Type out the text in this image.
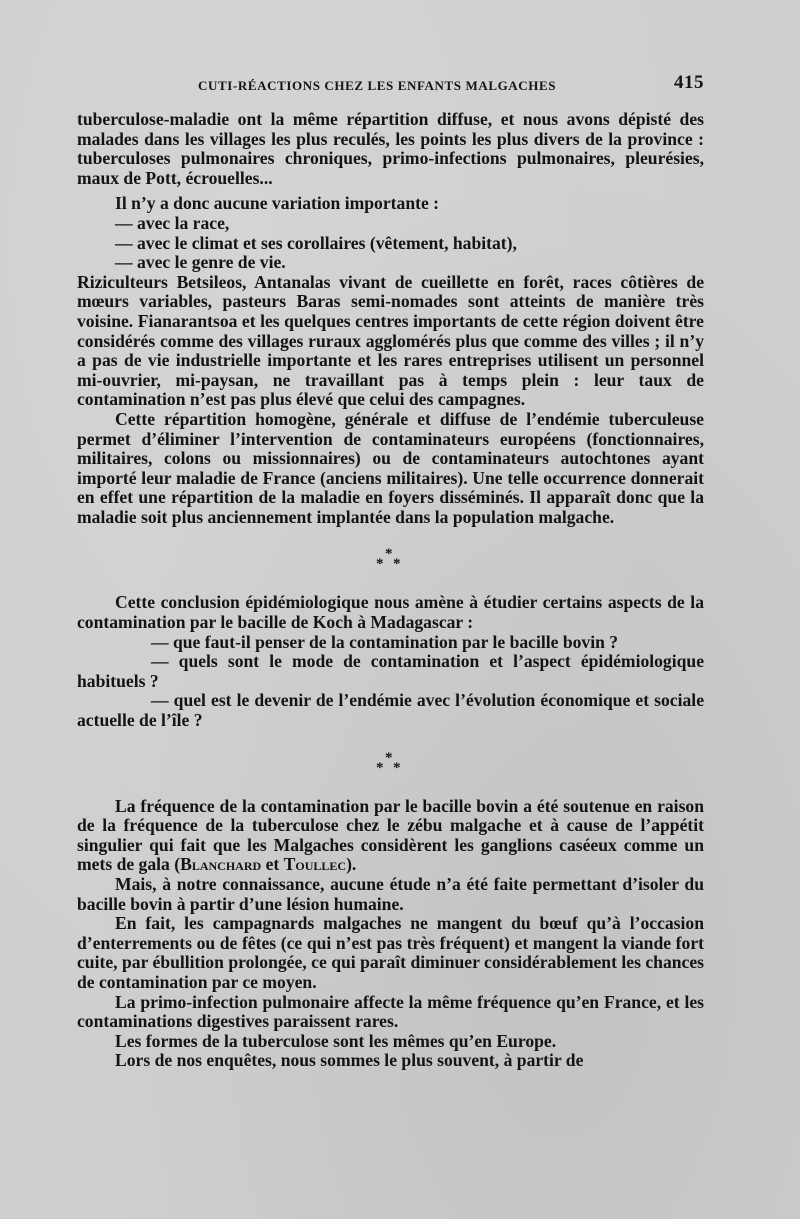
CUTI-RÉACTIONS CHEZ LES ENFANTS MALGACHES	415

tuberculose-maladie ont la même répartition diffuse, et nous avons dépisté des malades dans les villages les plus reculés, les points les plus divers de la province : tuberculoses pulmonaires chroniques, primo-infections pulmonaires, pleurésies, maux de Pott, écrouelles...

Il n’y a donc aucune variation importante :

— avec la race,

— avec le climat et ses corollaires (vêtement, habitat),

— avec le genre de vie.

Riziculteurs Betsileos, Antanalas vivant de cueillette en forêt, races côtières de mœurs variables, pasteurs Baras semi-nomades sont atteints de manière très voisine. Fianarantsoa et les quelques centres importants de cette région doivent être considérés comme des villages ruraux agglomérés plus que comme des villes ; il n’y a pas de vie industrielle importante et les rares entreprises utilisent un personnel mi-ouvrier, mi-paysan, ne travaillant pas à temps plein : leur taux de contamination n’est pas plus élevé que celui des campagnes.

Cette répartition homogène, générale et diffuse de l’endémie tuberculeuse permet d’éliminer l’intervention de contaminateurs européens (fonctionnaires, militaires, colons ou missionnaires) ou de contaminateurs autochtones ayant importé leur maladie de France (anciens militaires). Une telle occurrence donnerait en effet une répartition de la maladie en foyers disséminés. Il apparaît donc que la maladie soit plus anciennement implantée dans la population malgache.

*
* *

Cette conclusion épidémiologique nous amène à étudier certains aspects de la contamination par le bacille de Koch à Madagascar :

— que faut-il penser de la contamination par le bacille bovin ?

— quels sont le mode de contamination et l’aspect épidémiologique habituels ?

— quel est le devenir de l’endémie avec l’évolution économique et sociale actuelle de l’île ?

*
* *

La fréquence de la contamination par le bacille bovin a été soutenue en raison de la fréquence de la tuberculose chez le zébu malgache et à cause de l’appétit singulier qui fait que les Malgaches considèrent les ganglions caséeux comme un mets de gala (Blanchard et Toullec).

Mais, à notre connaissance, aucune étude n’a été faite permettant d’isoler du bacille bovin à partir d’une lésion humaine.

En fait, les campagnards malgaches ne mangent du bœuf qu’à l’occasion d’enterrements ou de fêtes (ce qui n’est pas très fréquent) et mangent la viande fort cuite, par ébullition prolongée, ce qui paraît diminuer considérablement les chances de contamination par ce moyen.

La primo-infection pulmonaire affecte la même fréquence qu’en France, et les contaminations digestives paraissent rares.

Les formes de la tuberculose sont les mêmes qu’en Europe.

Lors de nos enquêtes, nous sommes le plus souvent, à partir de
